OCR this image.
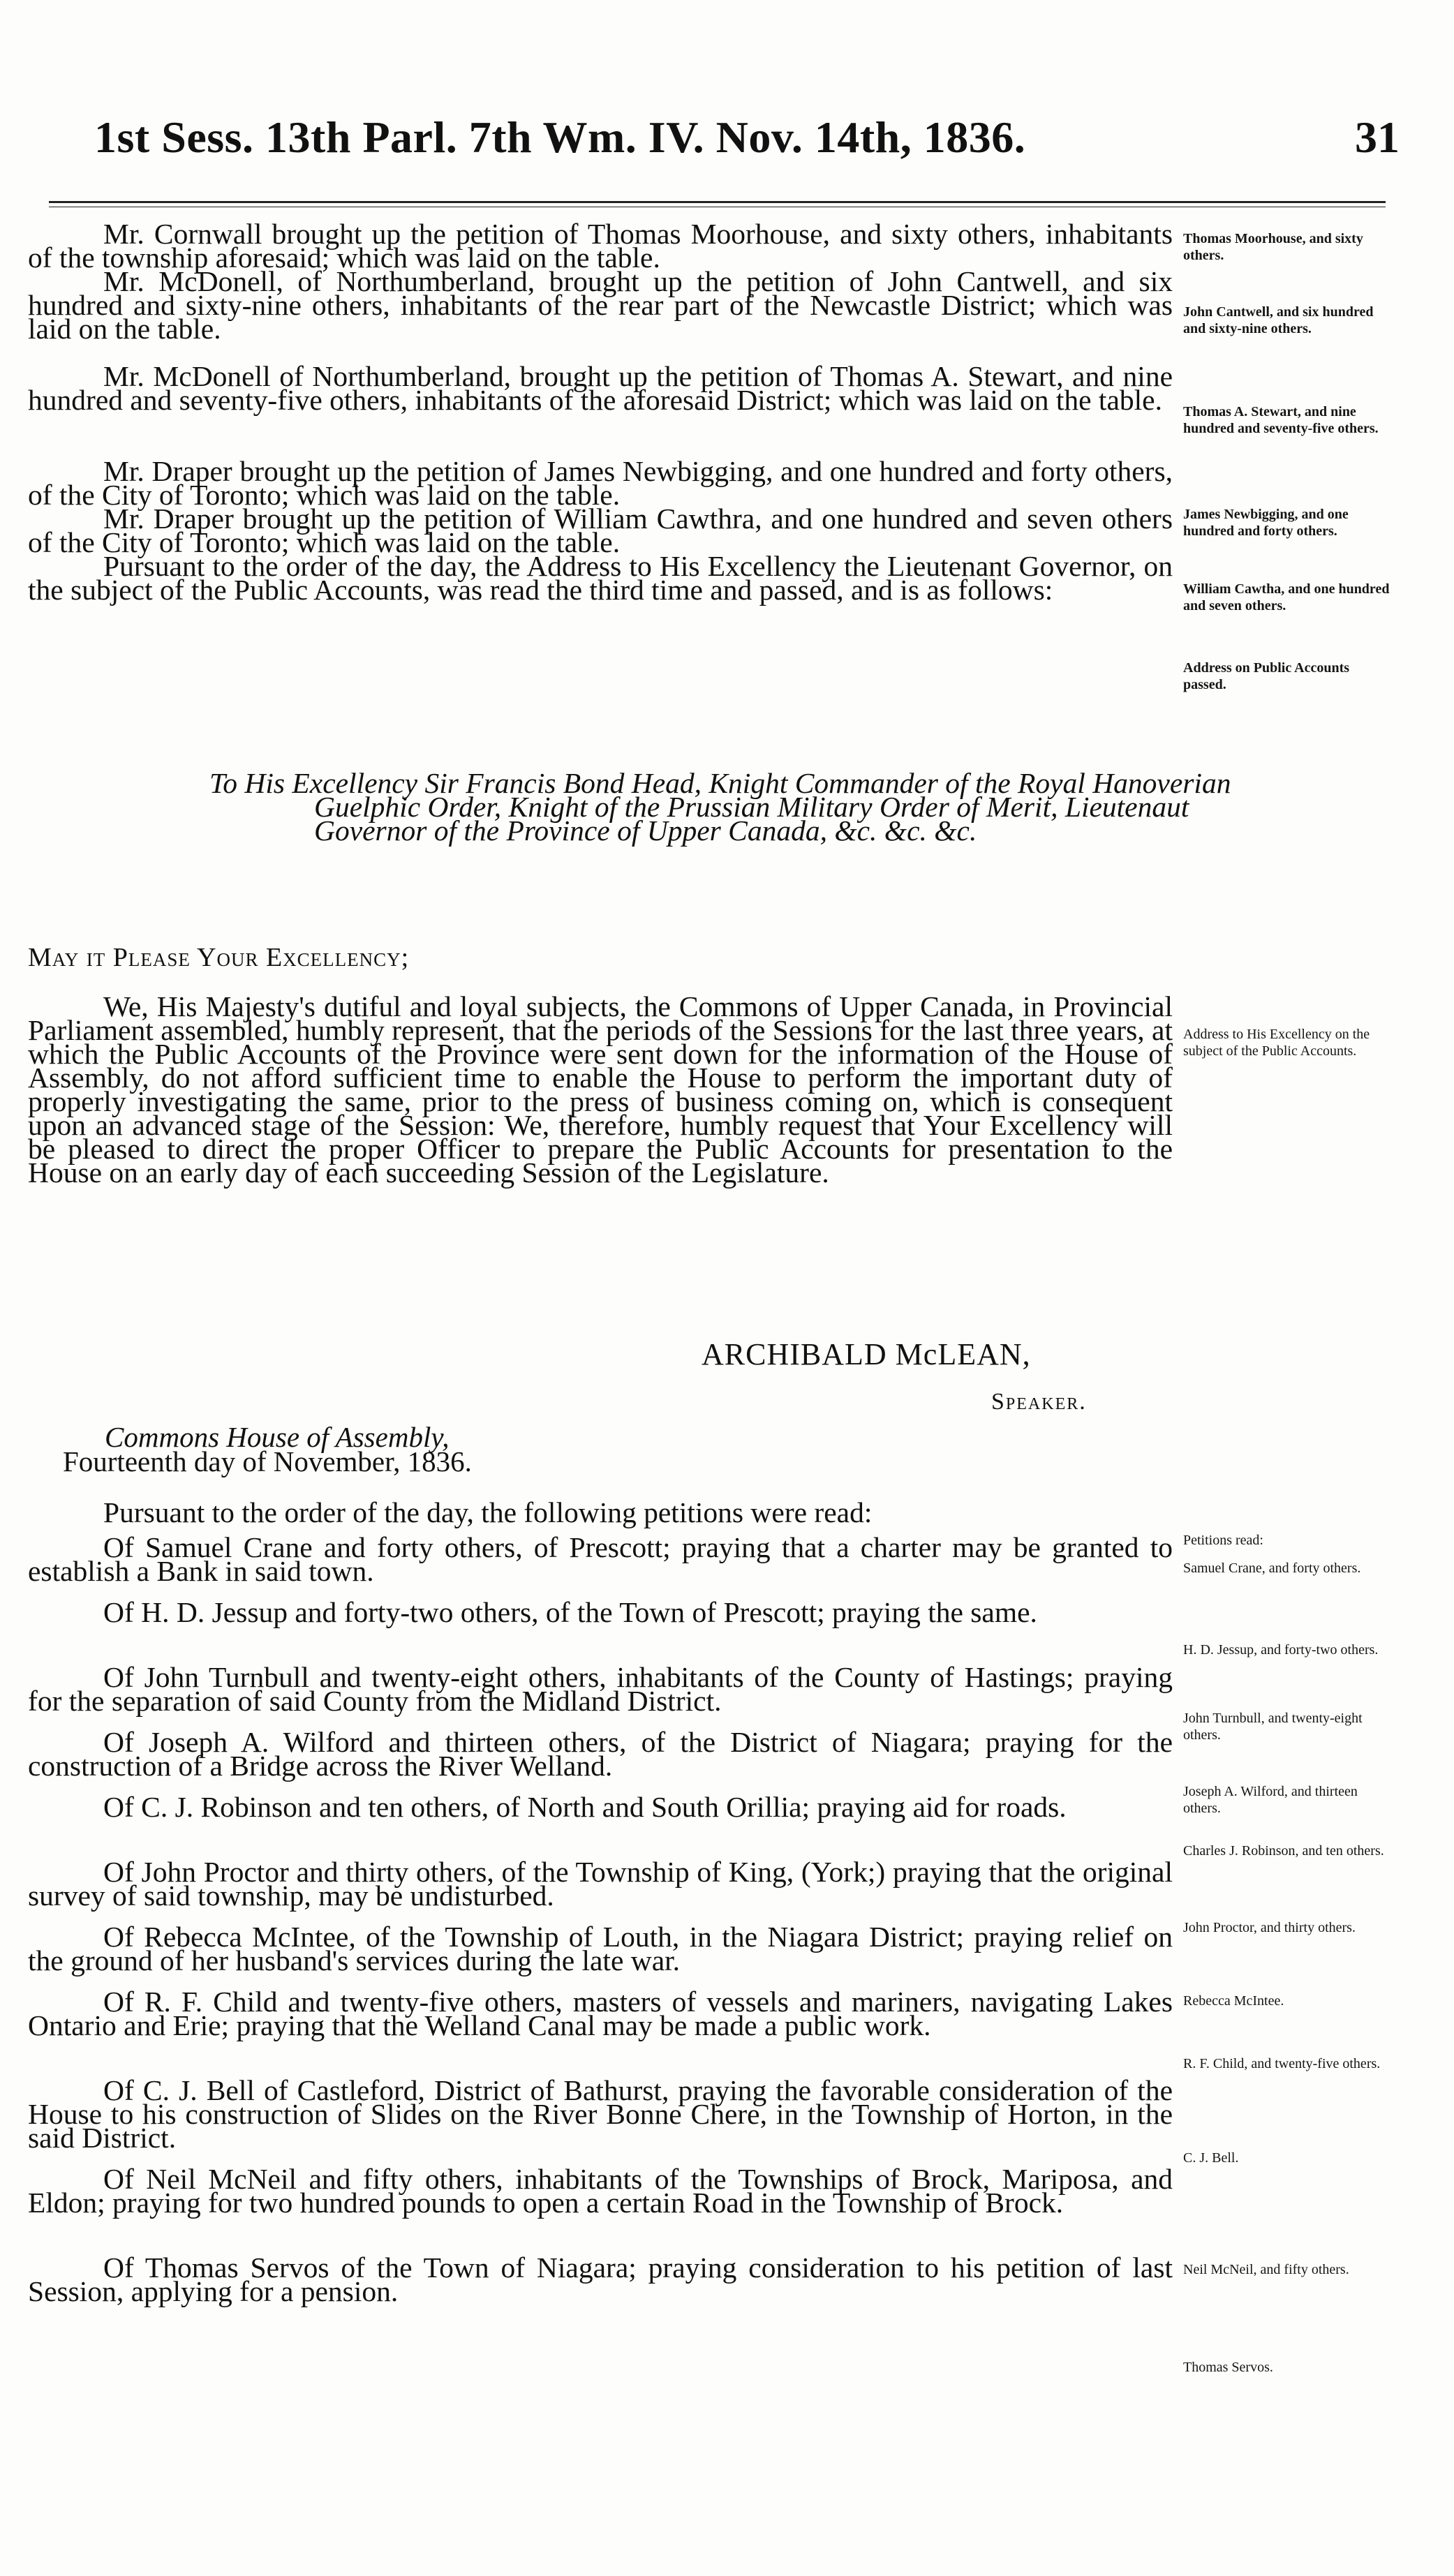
1st Sess. 13th Parl. 7th Wm. IV. Nov. 14th, 1836.	31

Mr. Cornwall brought up the petition of Thomas Moorhouse, and sixty others, inhabitants of the township aforesaid; which was laid on the table.

Mr. McDonell, of Northumberland, brought up the petition of John Cantwell, and six hundred and sixty-nine others, inhabitants of the rear part of the Newcastle District; which was laid on the table.

Mr. McDonell of Northumberland, brought up the petition of Thomas A. Stewart, and nine hundred and seventy-five others, inhabitants of the aforesaid District; which was laid on the table.

Mr. Draper brought up the petition of James Newbigging, and one hundred and forty others, of the City of Toronto; which was laid on the table.

Mr. Draper brought up the petition of William Cawthra, and one hundred and seven others of the City of Toronto; which was laid on the table.

Pursuant to the order of the day, the Address to His Excellency the Lieutenant Governor, on the subject of the Public Accounts, was read the third time and passed, and is as follows:

To His Excellency Sir Francis Bond Head, Knight Commander of the Royal Hanoverian Guelphic Order, Knight of the Prussian Military Order of Merit, Lieutenaut Governor of the Province of Upper Canada, &c. &c. &c.
May it Please Your Excellency;

We, His Majesty's dutiful and loyal subjects, the Commons of Upper Canada, in Provincial Parliament assembled, humbly represent, that the periods of the Sessions for the last three years, at which the Public Accounts of the Province were sent down for the information of the House of Assembly, do not afford sufficient time to enable the House to perform the important duty of properly investigating the same, prior to the press of business coming on, which is consequent upon an advanced stage of the Session: We, therefore, humbly request that Your Excellency will be pleased to direct the proper Officer to prepare the Public Accounts for presentation to the House on an early day of each succeeding Session of the Legislature.

ARCHIBALD McLEAN,
Speaker.
Commons House of Assembly,
Fourteenth day of November, 1836.

Pursuant to the order of the day, the following petitions were read:

Of Samuel Crane and forty others, of Prescott; praying that a charter may be granted to establish a Bank in said town.

Of H. D. Jessup and forty-two others, of the Town of Prescott; praying the same.

Of John Turnbull and twenty-eight others, inhabitants of the County of Hastings; praying for the separation of said County from the Midland District.

Of Joseph A. Wilford and thirteen others, of the District of Niagara; praying for the construction of a Bridge across the River Welland.

Of C. J. Robinson and ten others, of North and South Orillia; praying aid for roads.

Of John Proctor and thirty others, of the Township of King, (York;) praying that the original survey of said township, may be undisturbed.

Of Rebecca McIntee, of the Township of Louth, in the Niagara District; praying relief on the ground of her husband's services during the late war.

Of R. F. Child and twenty-five others, masters of vessels and mariners, navigating Lakes Ontario and Erie; praying that the Welland Canal may be made a public work.

Of C. J. Bell of Castleford, District of Bathurst, praying the favorable consideration of the House to his construction of Slides on the River Bonne Chere, in the Township of Horton, in the said District.

Of Neil McNeil and fifty others, inhabitants of the Townships of Brock, Mariposa, and Eldon; praying for two hundred pounds to open a certain Road in the Township of Brock.

Of Thomas Servos of the Town of Niagara; praying consideration to his petition of last Session, applying for a pension.

Thomas Moorhouse, and sixty others.
John Cantwell, and six hundred and sixty-nine others.
Thomas A. Stewart, and nine hundred and seventy-five others.
James Newbigging, and one hundred and forty others.
William Cawtha, and one hundred and seven others.
Address on Public Accounts passed.
Address to His Excellency on the subject of the Public Accounts.
Petitions read:
Samuel Crane, and forty others.
H. D. Jessup, and forty-two others.
John Turnbull, and twenty-eight others.
Joseph A. Wilford, and thirteen others.
Charles J. Robinson, and ten others.
John Proctor, and thirty others.
Rebecca McIntee.
R. F. Child, and twenty-five others.
C. J. Bell.
Neil McNeil, and fifty others.
Thomas Servos.
